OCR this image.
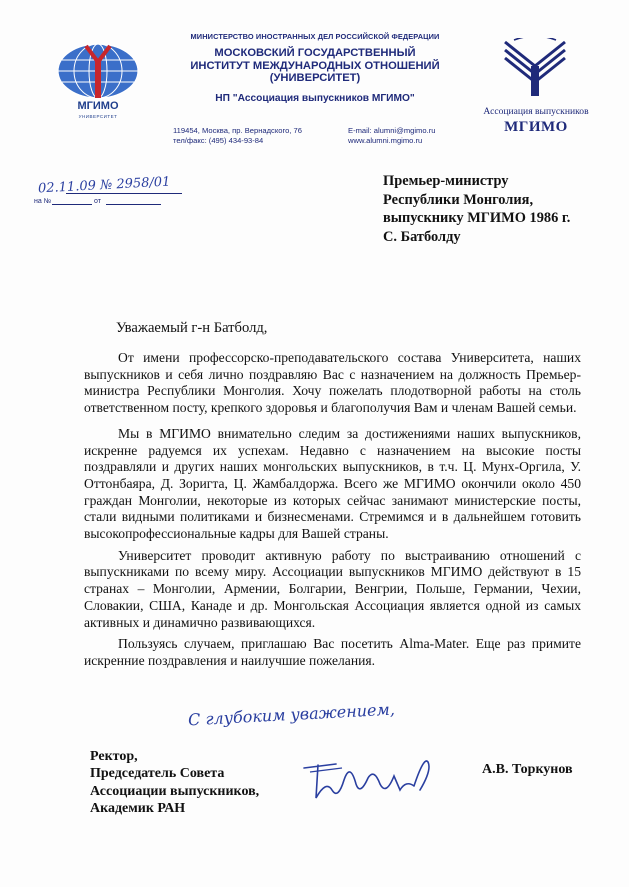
МГИМО
УНИВЕРСИТЕТ
МИНИСТЕРСТВО ИНОСТРАННЫХ ДЕЛ РОССИЙСКОЙ ФЕДЕРАЦИИ
МОСКОВСКИЙ ГОСУДАРСТВЕННЫЙ
ИНСТИТУТ МЕЖДУНАРОДНЫХ ОТНОШЕНИЙ
(УНИВЕРСИТЕТ)
НП "Ассоциация выпускников МГИМО"
119454, Москва, пр. Вернадского, 76
тел/факс: (495) 434-93-84
E-mail: alumni@mgimo.ru
www.alumni.mgimo.ru
Ассоциация выпускников
МГИМО
02.11.09 № 2958/01
на №	от
Премьер-министру
Республики Монголия,
выпускнику МГИМО 1986 г.
С. Батболду
Уважаемый г-н Батболд,

От имени профессорско-преподавательского состава Университета, наших выпускников и себя лично поздравляю Вас с назначением на должность Премьер-министра Республики Монголия. Хочу пожелать плодотворной работы на столь ответственном посту, крепкого здоровья и благополучия Вам и членам Вашей семьи.

Мы в МГИМО внимательно следим за достижениями наших выпускников, искренне радуемся их успехам. Недавно с назначением на высокие посты поздравляли и других наших монгольских выпускников, в т.ч. Ц. Мунх-Оргила, У. Оттонбаяра, Д. Зоригта, Ц. Жамбалдоржа. Всего же МГИМО окончили около 450 граждан Монголии, некоторые из которых сейчас занимают министерские посты, стали видными политиками и бизнесменами. Стремимся и в дальнейшем готовить высокопрофессиональные кадры для Вашей страны.

Университет проводит активную работу по выстраиванию отношений с выпускниками по всему миру. Ассоциации выпускников МГИМО действуют в 15 странах – Монголии, Армении, Болгарии, Венгрии, Польше, Германии, Чехии, Словакии, США, Канаде и др. Монгольская Ассоциация является одной из самых активных и динамично развивающихся.

Пользуясь случаем, приглашаю Вас посетить Alma-Mater. Еще раз примите искренние поздравления и наилучшие пожелания.

С глубоким уважением,
Ректор,
Председатель Совета
Ассоциации выпускников,
Академик РАН
А.В. Торкунов
